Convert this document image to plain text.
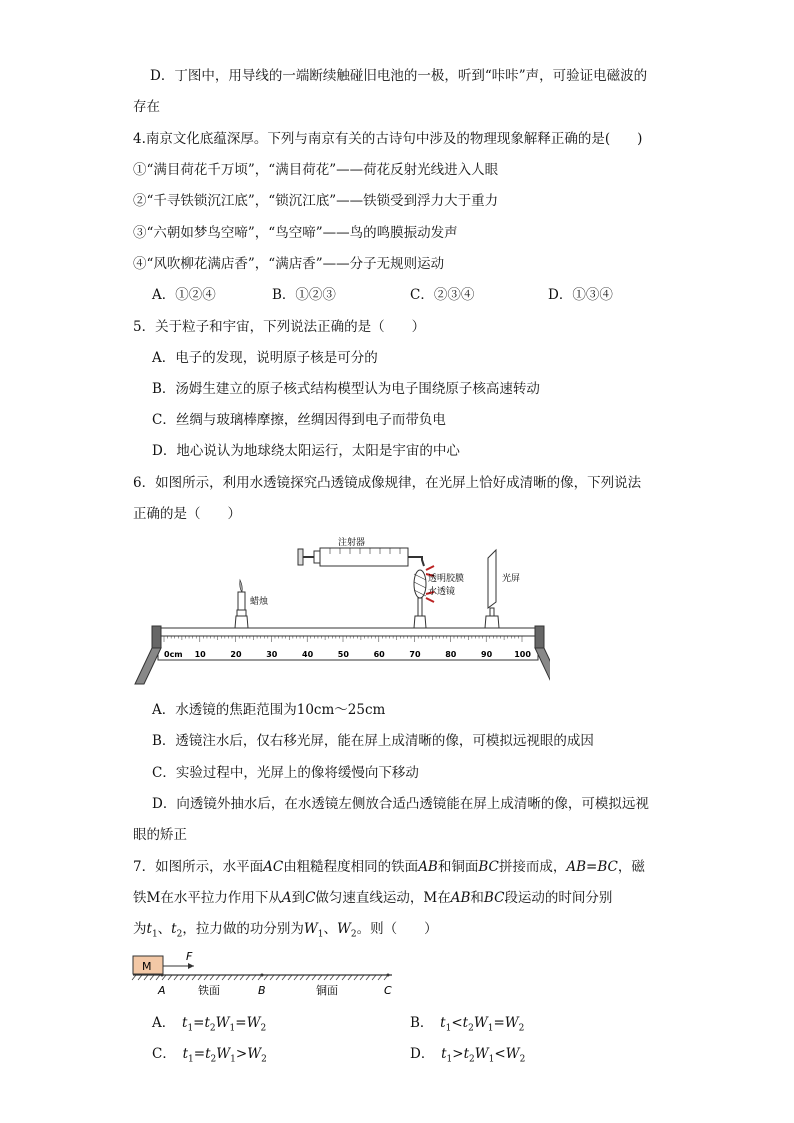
D．丁图中，用导线的一端断续触碰旧电池的一极，听到“咔咔”声，可验证电磁波的
存在
4.南京文化底蕴深厚。下列与南京有关的古诗句中涉及的物理现象解释正确的是(　　)
①“满目荷花千万顷”，“满目荷花”——荷花反射光线进入人眼
②“千寻铁锁沉江底”，“锁沉江底”——铁锁受到浮力大于重力
③“六朝如梦鸟空啼”，“鸟空啼”——鸟的鸣膜振动发声
④“风吹柳花满店香”，“满店香”——分子无规则运动
A．①②④	B．①②③	C．②③④	D．①③④
5．关于粒子和宇宙，下列说法正确的是（　　）
A．电子的发现，说明原子核是可分的
B．汤姆生建立的原子核式结构模型认为电子围绕原子核高速转动
C．丝绸与玻璃棒摩擦，丝绸因得到电子而带负电
D．地心说认为地球绕太阳运行，太阳是宇宙的中心
6．如图所示，利用水透镜探究凸透镜成像规律，在光屏上恰好成清晰的像，下列说法
正确的是（　　）
注射器
0cm 10	20	30	40	50	60	70	80	90	100
蜡烛
透明胶膜
水透镜
光屏
A．水透镜的焦距范围为10cm～25cm
B．透镜注水后，仅右移光屏，能在屏上成清晰的像，可模拟远视眼的成因
C．实验过程中，光屏上的像将缓慢向下移动
D．向透镜外抽水后，在水透镜左侧放合适凸透镜能在屏上成清晰的像，可模拟远视
眼的矫正
7．如图所示，水平面AC由粗糙程度相同的铁面AB和铜面BC拼接而成，AB=BC，磁
铁M在水平拉力作用下从A到C做匀速直线运动，M在AB和BC段运动的时间分别
为$t_1$、$t_2$，拉力做的功分别为$W_1$、$W_2$。则（　　）
M
F
A	B	C
铁面	铜面
A．　$t_1=t_2W_1=W_2$	B．　$t_1<t_2W_1=W_2$
C．　$t_1=t_2W_1>W_2$	D．　$t_1>t_2W_1<W_2$
